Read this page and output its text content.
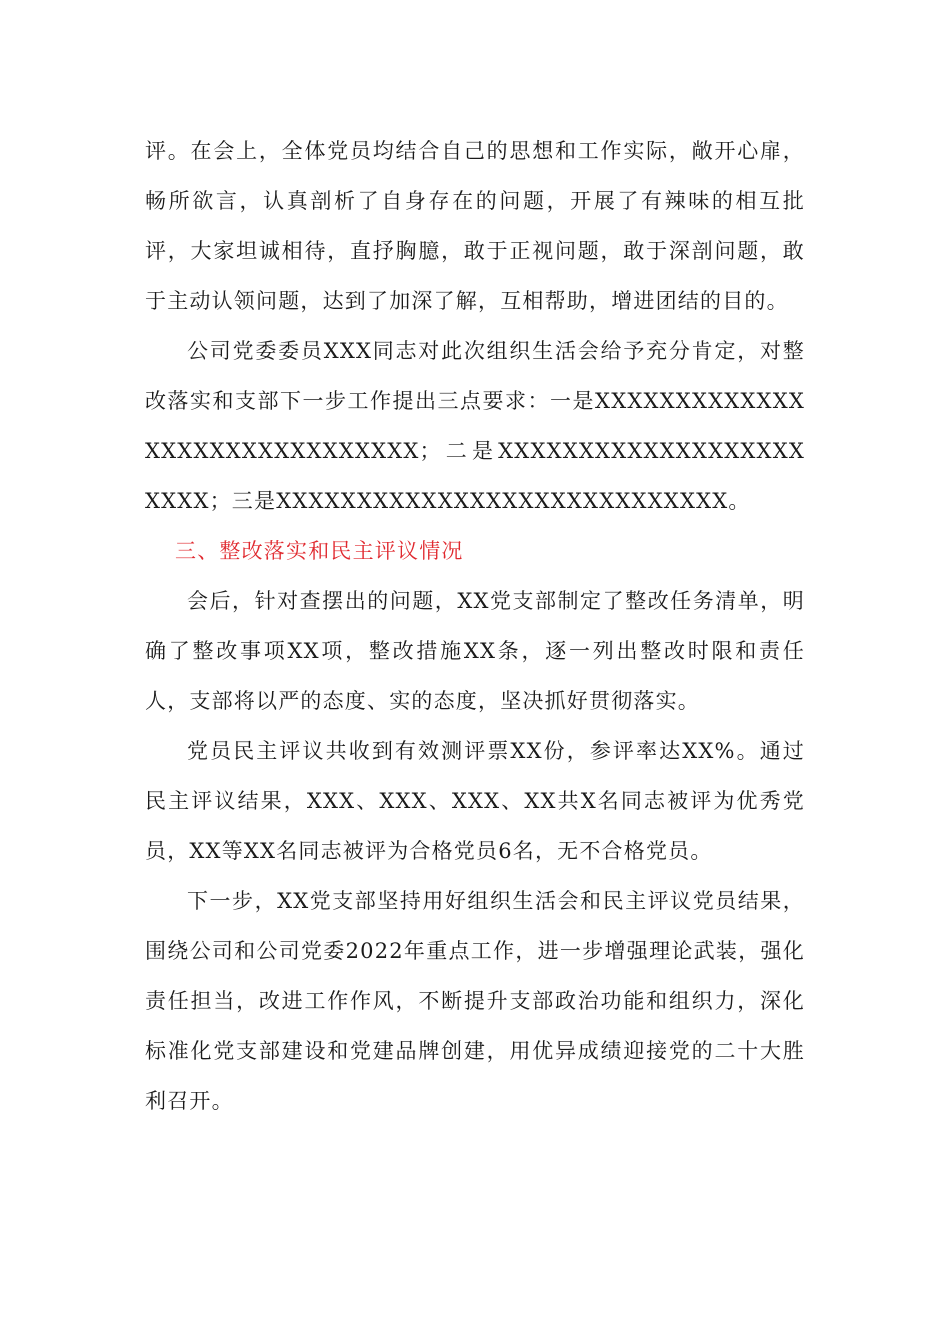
评。在会上，全体党员均结合自己的思想和工作实际，敞开心扉，畅所欲言，认真剖析了自身存在的问题，开展了有辣味的相互批评，大家坦诚相待，直抒胸臆，敢于正视问题，敢于深剖问题，敢于主动认领问题，达到了加深了解，互相帮助，增进团结的目的。

公司党委委员XXX同志对此次组织生活会给予充分肯定，对整改落实和支部下一步工作提出三点要求：一是XXXXXXXXXXXXXXXXXXXXXXXXXXXXXX；二是XXXXXXXXXXXXXXXXXXXXXXX；三是XXXXXXXXXXXXXXXXXXXXXXXXXXXX。

三、整改落实和民主评议情况

会后，针对查摆出的问题，XX党支部制定了整改任务清单，明确了整改事项XX项，整改措施XX条，逐一列出整改时限和责任人，支部将以严的态度、实的态度，坚决抓好贯彻落实。

党员民主评议共收到有效测评票XX份，参评率达XX%。通过民主评议结果，XXX、XXX、XXX、XX共X名同志被评为优秀党员，XX等XX名同志被评为合格党员6名，无不合格党员。

下一步，XX党支部坚持用好组织生活会和民主评议党员结果，围绕公司和公司党委2022年重点工作，进一步增强理论武装，强化责任担当，改进工作作风，不断提升支部政治功能和组织力，深化标准化党支部建设和党建品牌创建，用优异成绩迎接党的二十大胜利召开。
